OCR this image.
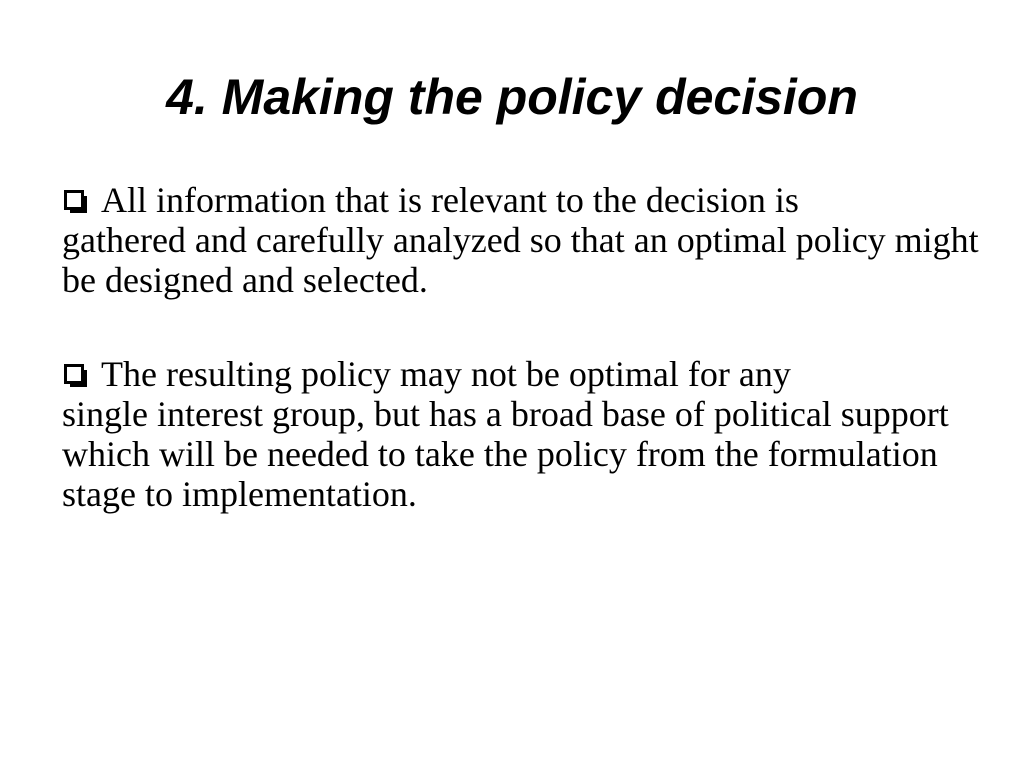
4. Making the policy decision

All information that is relevant to the decision is

gathered and carefully analyzed so that an optimal policy might be designed and selected.

The resulting policy may not be optimal for any

single interest group, but has a broad base of political support which will be needed to take the policy from the formulation stage to implementation.
